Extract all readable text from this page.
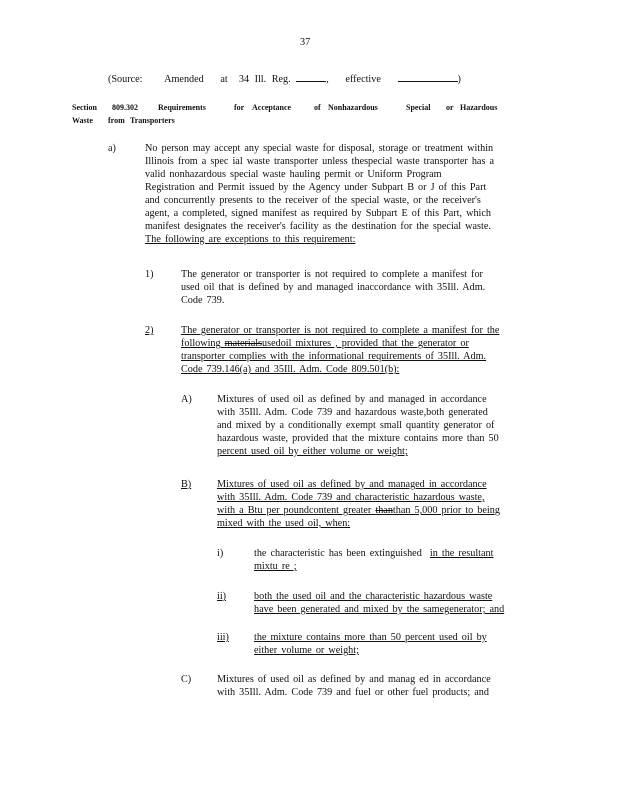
37
(Source: Amended at 34 Ill. Reg.	,   effective	)
Section 809.302	Requirements	for Acceptance	of Nonhazardous	Special or Hazardous
Waste from Transporters
a)	No person may accept any special waste for disposal, storage or treatment within
Illinois from a spec ial waste transporter unless thespecial waste transporter has a
valid nonhazardous special waste hauling permit or Uniform Program
Registration and Permit issued by the Agency under Subpart B or J of this Part
and concurrently presents to the receiver of the special waste, or the receiver's
agent, a completed, signed manifest as required by Subpart E of this Part, which
manifest designates the receiver's facility as the destination for the special waste.
The following are exceptions to this requirement:
1)	The generator or transporter is not required to complete a manifest for
used oil that is defined by and managed inaccordance with 35Ill. Adm.
Code 739.
2)	The generator or transporter is not required to complete a manifest for the
following materialsusedoil mixtures , provided that the generator or
transporter complies with the informational requirements of 35Ill. Adm.
Code 739.146(a) and 35Ill. Adm. Code 809.501(b):
A) Mixtures of used oil as defined by and managed in accordance
with 35Ill. Adm. Code 739 and hazardous waste,both generated
and mixed by a conditionally exempt small quantity generator of
hazardous waste, provided that the mixture contains more than 50
percent used oil by either volume or weight;
B)	Mixtures of used oil as defined by and managed in accordance
with 35Ill. Adm. Code 739 and characteristic hazardous waste,
with a Btu per poundcontent greater thanthan 5,000 prior to being
mixed with the used oil, when:
i)	the characteristic has been extinguished in the resultant
mixtu re ;
ii)	both the used oil and the characteristic hazardous waste
have been generated and mixed by the samegenerator; and
iii) the mixture contains more than 50 percent used oil by
either volume or weight;
C)	Mixtures of used oil as defined by and manag ed in accordance
with 35Ill. Adm. Code 739 and fuel or other fuel products; and
